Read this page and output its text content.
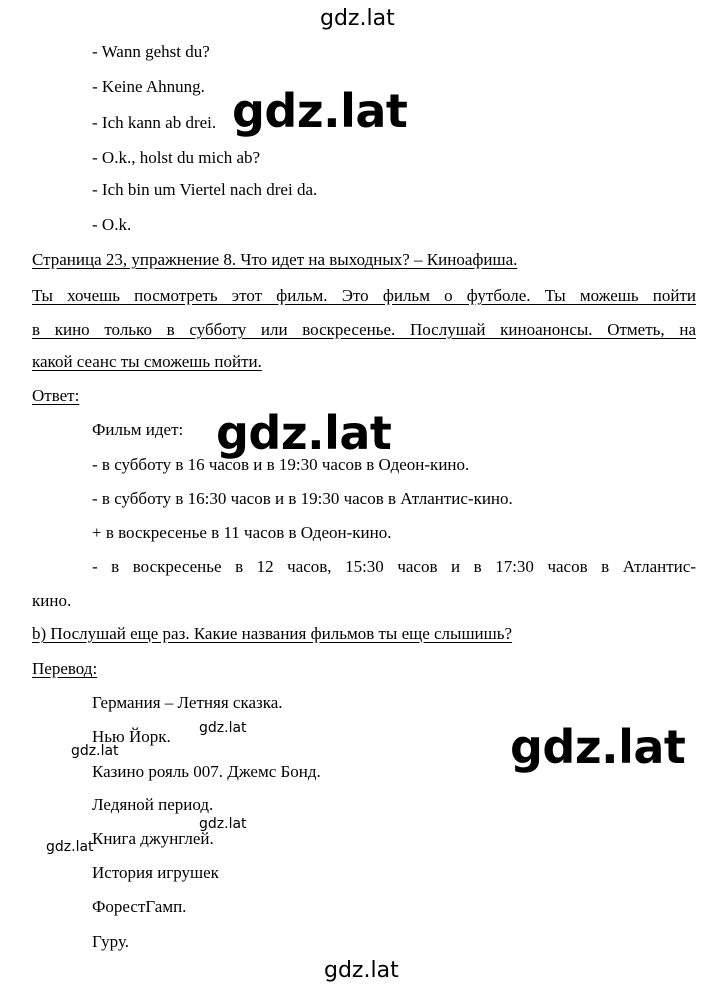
gdz.lat
- Wann gehst du?
- Keine Ahnung.
- Ich kann ab drei.
- O.k., holst du mich ab?
- Ich bin um Viertel nach drei da.
- O.k.
gdz.lat
Страница 23, упражнение 8. Что идет на выходных? – Киноафиша.
Ты хочешь посмотреть этот фильм. Это фильм о футболе. Ты можешь пойти
в кино только в субботу или воскресенье. Послушай киноанонсы. Отметь, на
какой сеанс ты сможешь пойти.
Ответ:
Фильм идет: gdz.lat
- в субботу в 16 часов и в 19:30 часов в Одеон-кино.
- в субботу в 16:30 часов и в 19:30 часов в Атлантис-кино.
+ в воскресенье в 11 часов в Одеон-кино.
- в воскресенье в 12 часов, 15:30 часов и в 17:30 часов в Атлантис-
кино.
b) Послушай еще раз. Какие названия фильмов ты еще слышишь?
Перевод:
Германия – Летняя сказка.
Нью Йорк.
Казино рояль 007. Джемс Бонд.
Ледяной период.
Книга джунглей.
История игрушек
ФорестГамп.
Гуру.
gdz.lat
gdz.lat	gdz.lat
gdz.lat
gdz.lat
gdz.lat
